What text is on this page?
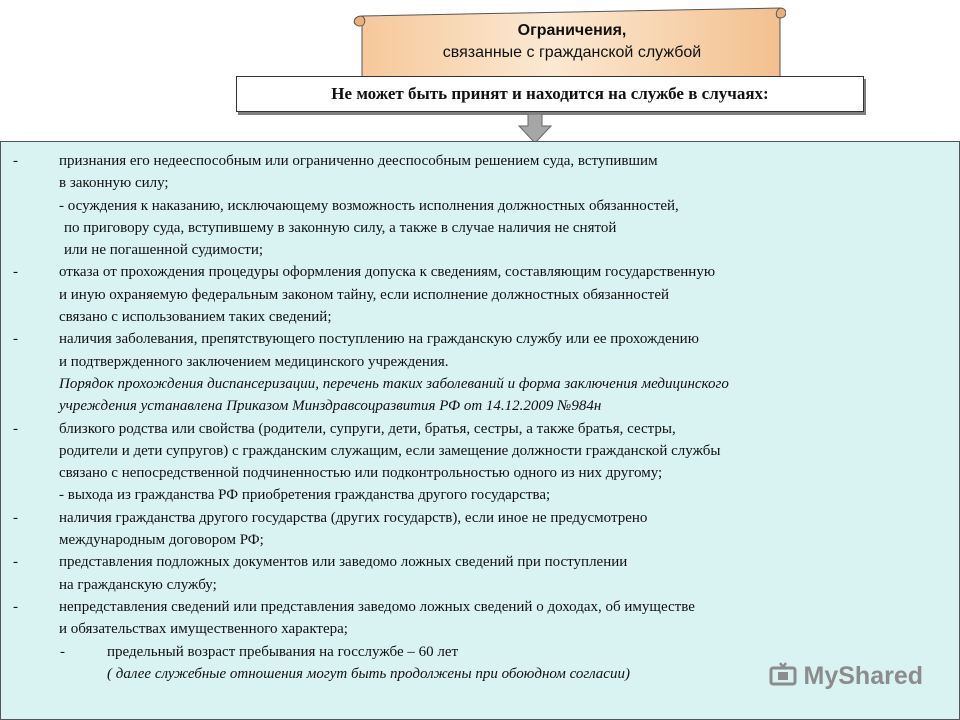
Ограничения,
связанные с гражданской службой
Не может быть принят и находится на службе в случаях:
-	признания его недееспособным или ограниченно дееспособным решением суда, вступившим
в законную силу;
- осуждения к наказанию, исключающему возможность исполнения должностных обязанностей,
по приговору суда, вступившему в законную силу, а также в случае наличия не снятой
или не погашенной судимости;
-	отказа от прохождения процедуры оформления допуска к сведениям, составляющим государственную
и иную охраняемую федеральным законом тайну, если исполнение должностных обязанностей
связано с использованием таких сведений;
-	наличия заболевания, препятствующего поступлению на гражданскую службу или ее прохождению
и подтвержденного заключением медицинского учреждения.
Порядок прохождения диспансеризации, перечень таких заболеваний и форма заключения медицинского
учреждения устанавлена Приказом Минздравсоцразвития РФ от 14.12.2009 №984н
-	близкого родства или свойства (родители, супруги, дети, братья, сестры, а также братья, сестры,
родители и дети супругов) с гражданским служащим, если замещение должности гражданской службы
связано с непосредственной подчиненностью или подконтрольностью одного из них другому;
- выхода из гражданства РФ приобретения гражданства другого государства;
-	наличия гражданства другого государства (других государств), если иное не предусмотрено
международным договором РФ;
-	представления подложных документов или заведомо ложных сведений при поступлении
на гражданскую службу;
-	непредставления сведений или представления заведомо ложных сведений о доходах, об имуществе
и обязательствах имущественного характера;
-	предельный возраст пребывания на госслужбе – 60 лет
( далее служебные отношения могут быть продолжены при обоюдном согласии)	MyShared
